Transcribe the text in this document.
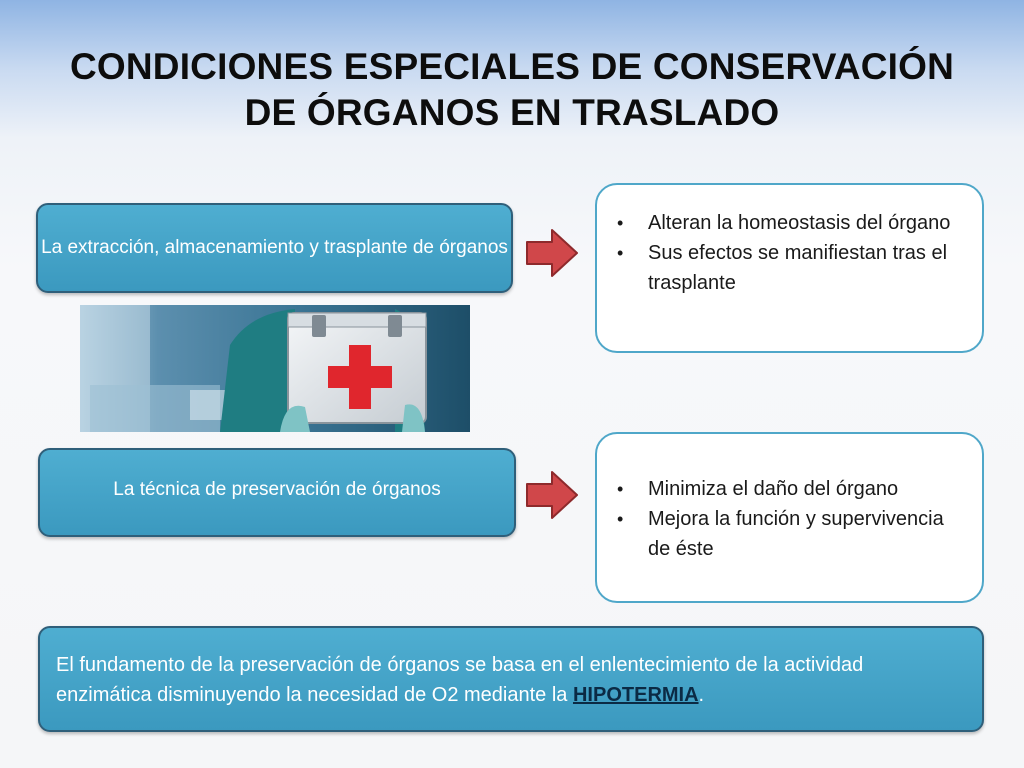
CONDICIONES ESPECIALES DE CONSERVACIÓN
DE ÓRGANOS EN TRASLADO
La extracción, almacenamiento y trasplante de órganos
• Alteran la homeostasis del órgano
• Sus efectos se manifiestan tras el trasplante
La técnica de preservación de órganos	• Minimiza el daño del órgano
• Mejora la función y supervivencia de éste
El fundamento de la preservación de órganos se basa en el enlentecimiento de la actividad enzimática disminuyendo la necesidad de O2 mediante la HIPOTERMIA.
